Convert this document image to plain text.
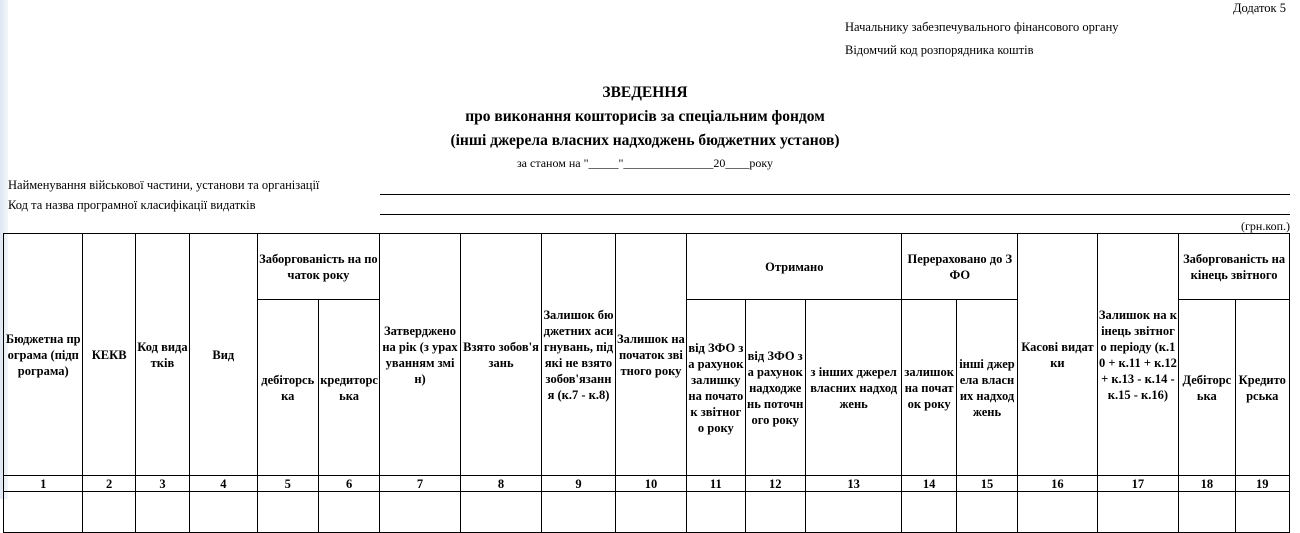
Додаток 5
Начальнику забезпечувального фінансового органу
Відомчий код розпорядника коштів
ЗВЕДЕННЯ
про виконання кошторисів за спеціальним фондом
(інші джерела власних надходжень бюджетних установ)
за станом на "_____"_______________20____року
Найменування військової частини, установи та організації
Код та назва програмної класифікації видатків
(грн.коп.)
Бюджетна програма (підпрограма)	КЕКВ	Код видатків	Вид	Заборгованість на початок року		Затверджено на рік (з урахуванням змін)	Взято зобов'язань	Залишок бюджетних асигнувань, під які не взято зобов'язання (к.7 - к.8)	Залишок на початок звітного року	Отримано			Перераховано до ЗФО		Касові видатки	Залишок на кінець звітного періоду (к.10 + к.11 + к.12 + к.13 - к.14 - к.15 - к.16)	Заборгованість на кінець звітного	
				дебіторська	кредиторська					від ЗФО за рахунок залишку на початок звітного року	від ЗФО за рахунок надходжень поточного року	з інших джерел власних надходжень	залишок на початок року	інші джерела власних надходжень			Дебіторська	Кредиторська
1	2	3	4	5	6	7	8	9	10	11	12	13	14	15	16	17	18	19
